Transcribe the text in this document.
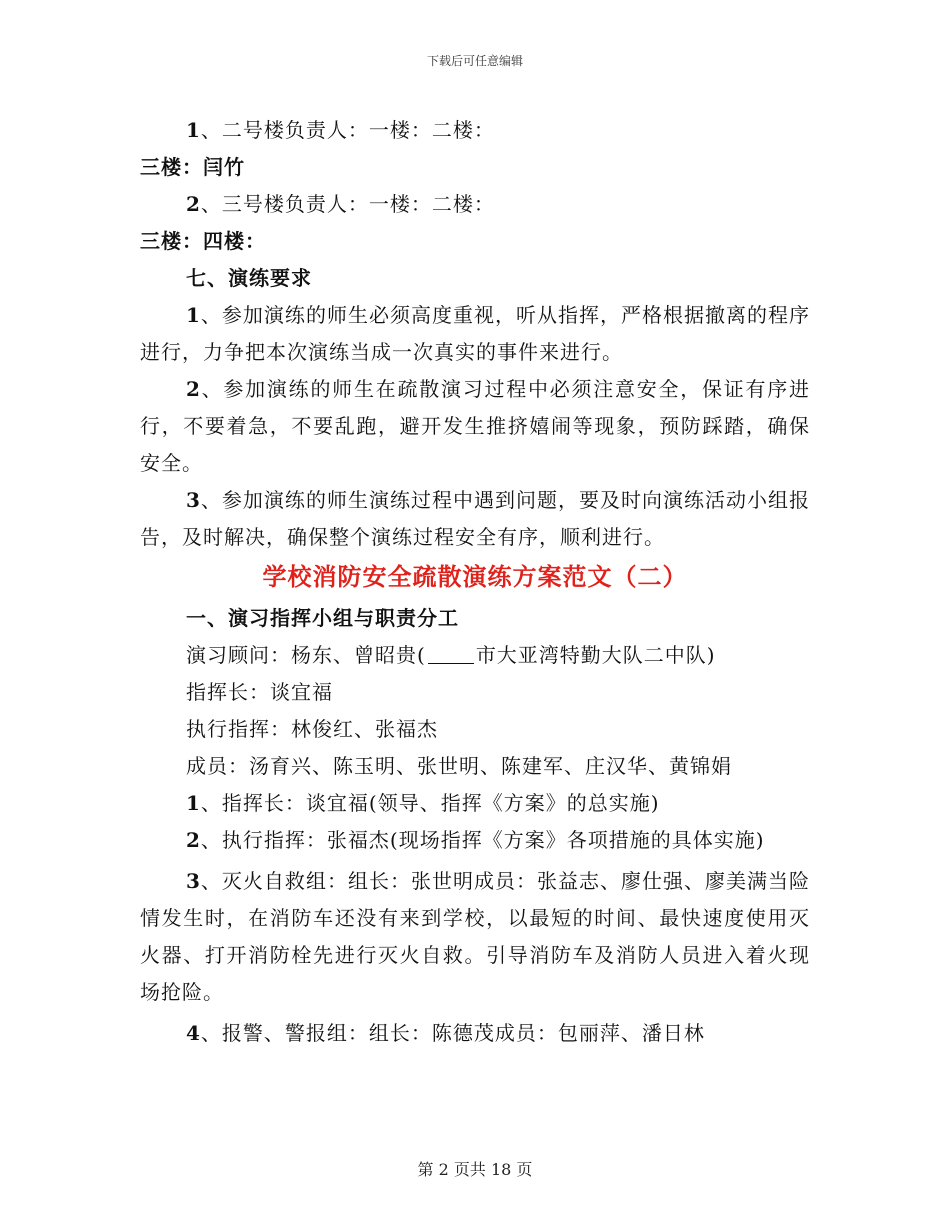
下载后可任意编辑
1、二号楼负责人：一楼：二楼：
三楼：闫竹
2、三号楼负责人：一楼：二楼：
三楼：四楼：
七、演练要求
1、参加演练的师生必须高度重视，听从指挥，严格根据撤离的程序进行，力争把本次演练当成一次真实的事件来进行。
2、参加演练的师生在疏散演习过程中必须注意安全，保证有序进行，不要着急，不要乱跑，避开发生推挤嬉闹等现象，预防踩踏，确保安全。
3、参加演练的师生演练过程中遇到问题，要及时向演练活动小组报告，及时解决，确保整个演练过程安全有序，顺利进行。
学校消防安全疏散演练方案范文（二）
一、演习指挥小组与职责分工
演习顾问：杨东、曾昭贵(	市大亚湾特勤大队二中队)
指挥长：谈宜福
执行指挥：林俊红、张福杰
成员：汤育兴、陈玉明、张世明、陈建军、庄汉华、黄锦娟
1、指挥长：谈宜福(领导、指挥《方案》的总实施)
2、执行指挥：张福杰(现场指挥《方案》各项措施的具体实施)
3、灭火自救组：组长：张世明成员：张益志、廖仕强、廖美满当险情发生时，在消防车还没有来到学校，以最短的时间、最快速度使用灭火器、打开消防栓先进行灭火自救。引导消防车及消防人员进入着火现场抢险。
4、报警、警报组：组长：陈德茂成员：包丽萍、潘日林
第 2 页共 18 页
